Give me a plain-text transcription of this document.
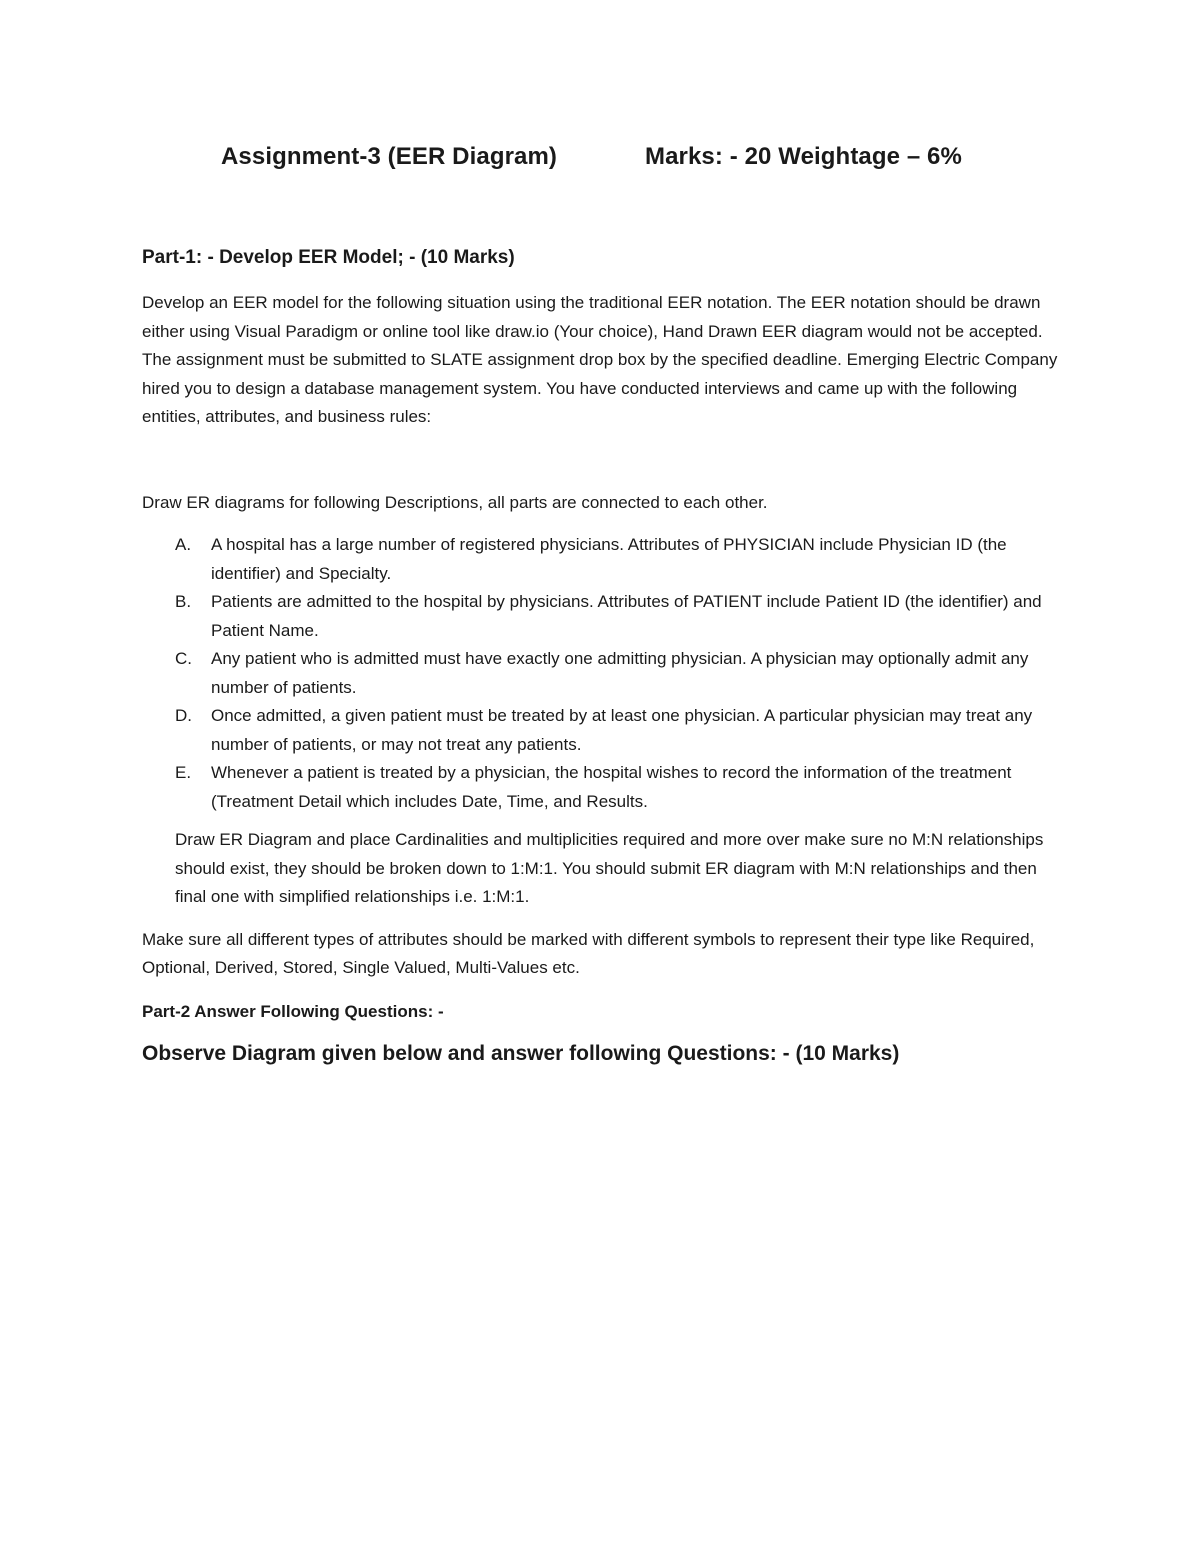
Assignment-3 (EER Diagram)	Marks: - 20 Weightage – 6%
Part-1: - Develop EER Model; - (10 Marks)

Develop an EER model for the following situation using the traditional EER notation. The EER notation should be drawn either using Visual Paradigm or online tool like draw.io (Your choice), Hand Drawn EER diagram would not be accepted. The assignment must be submitted to SLATE assignment drop box by the specified deadline. Emerging Electric Company hired you to design a database management system. You have conducted interviews and came up with the following entities, attributes, and business rules:

Draw ER diagrams for following Descriptions, all parts are connected to each other.

A. A hospital has a large number of registered physicians. Attributes of PHYSICIAN include Physician ID (the identifier) and Specialty.
B. Patients are admitted to the hospital by physicians. Attributes of PATIENT include Patient ID (the identifier) and Patient Name.
C. Any patient who is admitted must have exactly one admitting physician. A physician may optionally admit any number of patients.
D. Once admitted, a given patient must be treated by at least one physician. A particular physician may treat any number of patients, or may not treat any patients.
E. Whenever a patient is treated by a physician, the hospital wishes to record the information of the treatment (Treatment Detail which includes Date, Time, and Results.

Draw ER Diagram and place Cardinalities and multiplicities required and more over make sure no M:N relationships should exist, they should be broken down to 1:M:1. You should submit ER diagram with M:N relationships and then final one with simplified relationships i.e. 1:M:1.

Make sure all different types of attributes should be marked with different symbols to represent their type like Required, Optional, Derived, Stored, Single Valued, Multi-Values etc.

Part-2 Answer Following Questions: -
Observe Diagram given below and answer following Questions: - (10 Marks)
